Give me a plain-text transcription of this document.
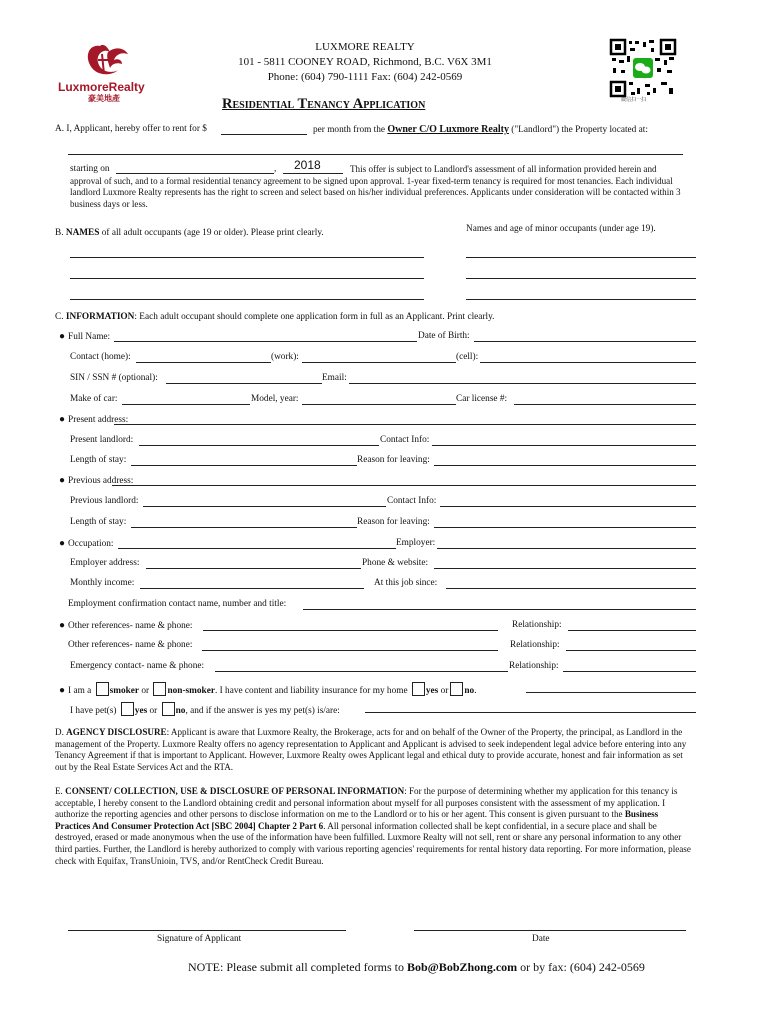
LuxmoreRealty
豪美地產
LUXMORE REALTY
101 - 5811 COONEY ROAD, Richmond, B.C. V6X 3M1
Phone: (604) 790-1111 Fax: (604) 242-0569
微信扫一扫
Residential Tenancy Application
A. I, Applicant, hereby offer to rent for $	per month from the Owner C/O Luxmore Realty ("Landlord") the Property located at:
starting on	, 2018	This offer is subject to Landlord's assessment of all information provided herein and approval of such, and to a formal residential tenancy agreement to be signed upon approval. 1-year fixed-term tenancy is required for most tenancies. Each individual landlord Luxmore Realty represents has the right to screen and select based on his/her individual preferences. Applicants under consideration will be contacted within 3 business days or less.
B. NAMES of all adult occupants (age 19 or older). Please print clearly.	Names and age of minor occupants (under age 19).
C. INFORMATION: Each adult occupant should complete one application form in full as an Applicant. Print clearly.
● Full Name:	Date of Birth:
Contact (home):	(work):	(cell):
SIN / SSN # (optional):	Email:
Make of car:	Model, year:	Car license #:
● Present address:
Present landlord:	Contact Info:
Length of stay:	Reason for leaving:
● Previous address:
Previous landlord:	Contact Info:
Length of stay:	Reason for leaving:
● Occupation:	Employer:
Employer address:	Phone & website:
Monthly income:	At this job since:
Employment confirmation contact name, number and title:
● Other references- name & phone:	Relationship:
Other references- name & phone:	Relationship:
Emergency contact- name & phone:	Relationship:
● I am a smoker or non-smoker. I have content and liability insurance for my home yes or no.
I have pet(s) yes or no, and if the answer is yes my pet(s) is/are:
D. AGENCY DISCLOSURE: Applicant is aware that Luxmore Realty, the Brokerage, acts for and on behalf of the Owner of the Property, the principal, as Landlord in the management of the Property. Luxmore Realty offers no agency representation to Applicant and Applicant is advised to seek independent legal advice before entering into any Tenancy Agreement if that is important to Applicant. However, Luxmore Realty owes Applicant legal and ethical duty to provide accurate, honest and fair information as set out by the Real Estate Services Act and the RTA.
E. CONSENT/ COLLECTION, USE & DISCLOSURE OF PERSONAL INFORMATION: For the purpose of determining whether my application for this tenancy is acceptable, I hereby consent to the Landlord obtaining credit and personal information about myself for all purposes consistent with the assessment of my application. I authorize the reporting agencies and other persons to disclose information on me to the Landlord or to his or her agent. This consent is given pursuant to the Business Practices And Consumer Protection Act [SBC 2004] Chapter 2 Part 6. All personal information collected shall be kept confidential, in a secure place and shall be destroyed, erased or made anonymous when the use of the information have been fulfilled. Luxmore Realty will not sell, rent or share any personal information to any other third parties. Further, the Landlord is hereby authorized to comply with various reporting agencies' requirements for rental history data reporting. For more information, please check with Equifax, TransUnioin, TVS, and/or RentCheck Credit Bureau.
Signature of Applicant	Date
NOTE: Please submit all completed forms to Bob@BobZhong.com or by fax: (604) 242-0569
